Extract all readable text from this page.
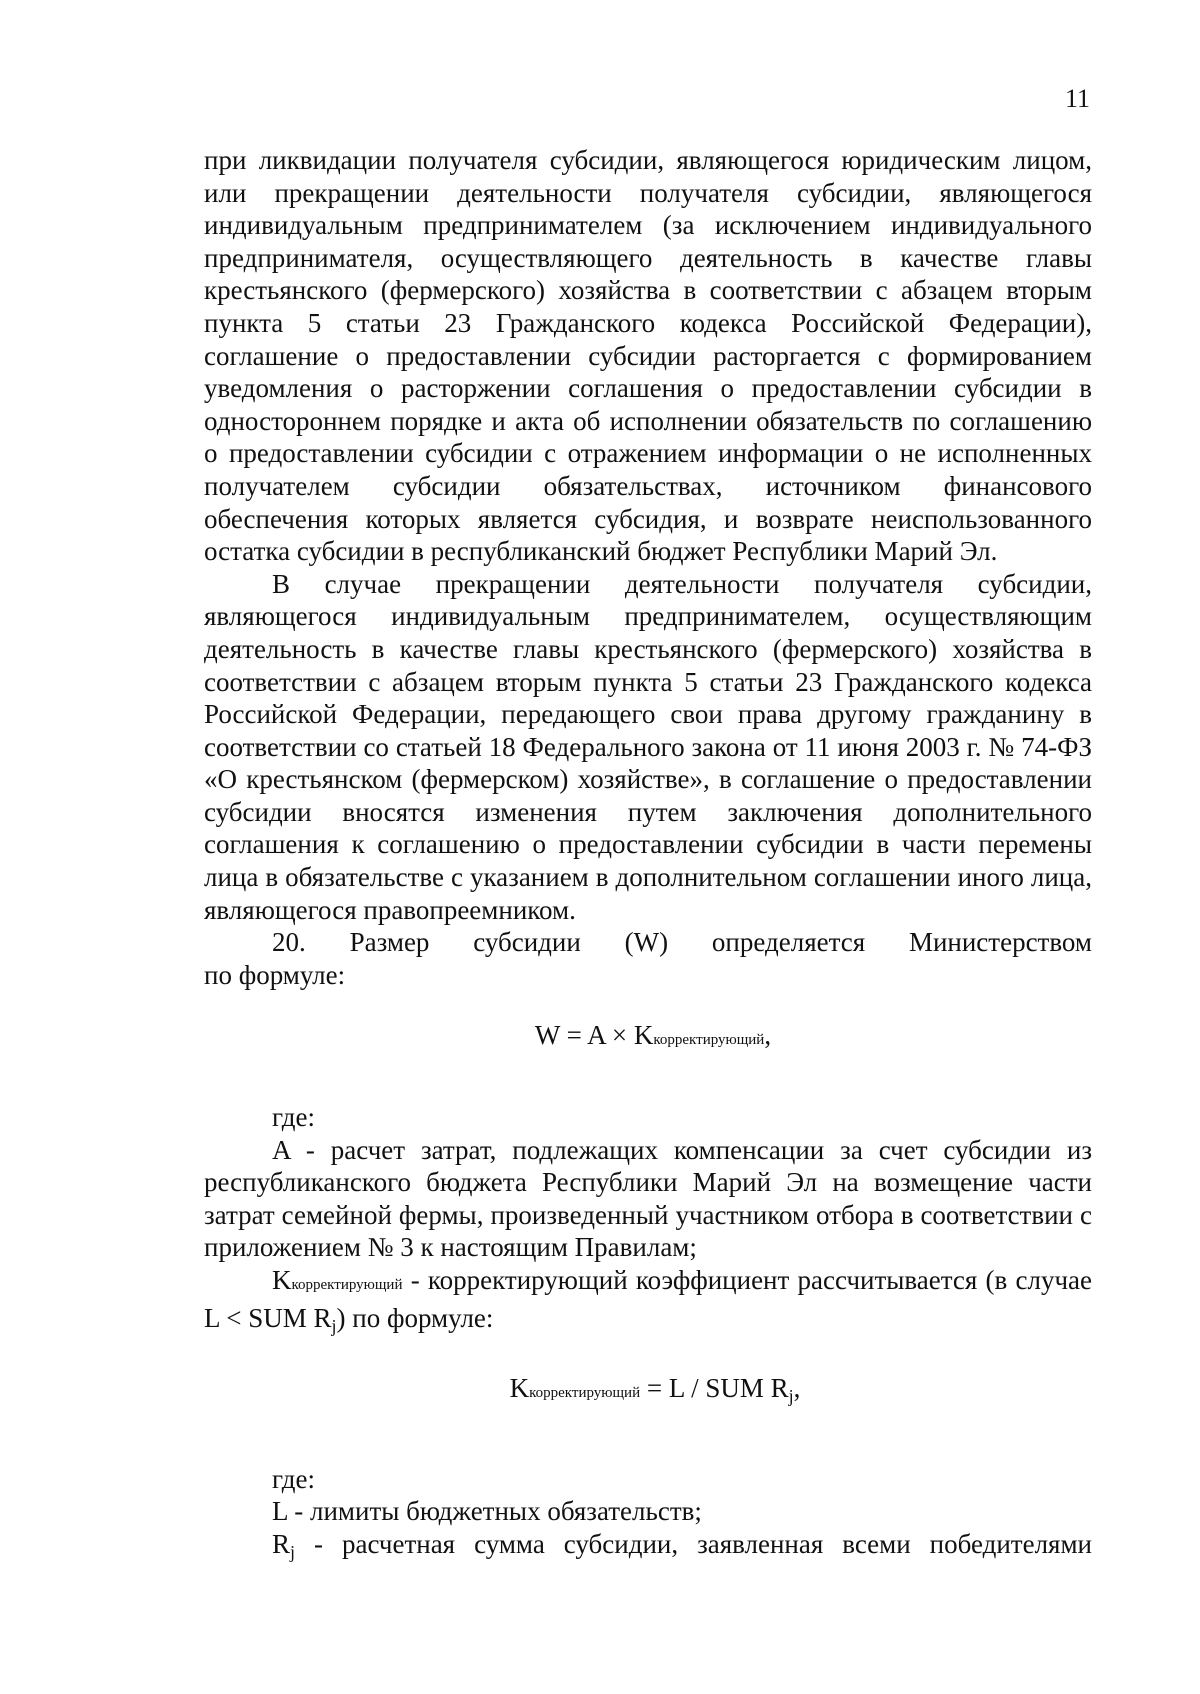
11

при ликвидации получателя субсидии, являющегося юридическим лицом, или прекращении деятельности получателя субсидии, являющегося индивидуальным предпринимателем (за исключением индивидуального предпринимателя, осуществляющего деятельность в качестве главы крестьянского (фермерского) хозяйства в соответствии с абзацем вторым пункта 5 статьи 23 Гражданского кодекса Российской Федерации), соглашение о предоставлении субсидии расторгается с формированием уведомления о расторжении соглашения о предоставлении субсидии в одностороннем порядке и акта об исполнении обязательств по соглашению о предоставлении субсидии с отражением информации о не исполненных получателем субсидии обязательствах, источником финансового обеспечения которых является субсидия, и возврате неиспользованного остатка субсидии в республиканский бюджет Республики Марий Эл.

В случае прекращении деятельности получателя субсидии, являющегося индивидуальным предпринимателем, осуществляющим деятельность в качестве главы крестьянского (фермерского) хозяйства в соответствии с абзацем вторым пункта 5 статьи 23 Гражданского кодекса Российской Федерации, передающего свои права другому гражданину в соответствии со статьей 18 Федерального закона от 11 июня 2003 г. № 74-ФЗ «О крестьянском (фермерском) хозяйстве», в соглашение о предоставлении субсидии вносятся изменения путем заключения дополнительного соглашения к соглашению о предоставлении субсидии в части перемены лица в обязательстве с указанием в дополнительном соглашении иного лица, являющегося правопреемником.

20. Размер субсидии (W) определяется Министерством
по формуле:

W = A × Kкорректирующий,

где:

A - расчет затрат, подлежащих компенсации за счет субсидии из республиканского бюджета Республики Марий Эл на возмещение части затрат семейной фермы, произведенный участником отбора в соответствии с приложением № 3 к настоящим Правилам;

Kкорректирующий - корректирующий коэффициент рассчитывается (в случае L < SUM Rj) по формуле:

Kкорректирующий = L / SUM Rj,

где:

L - лимиты бюджетных обязательств;

Rj - расчетная сумма субсидии, заявленная всеми победителями
